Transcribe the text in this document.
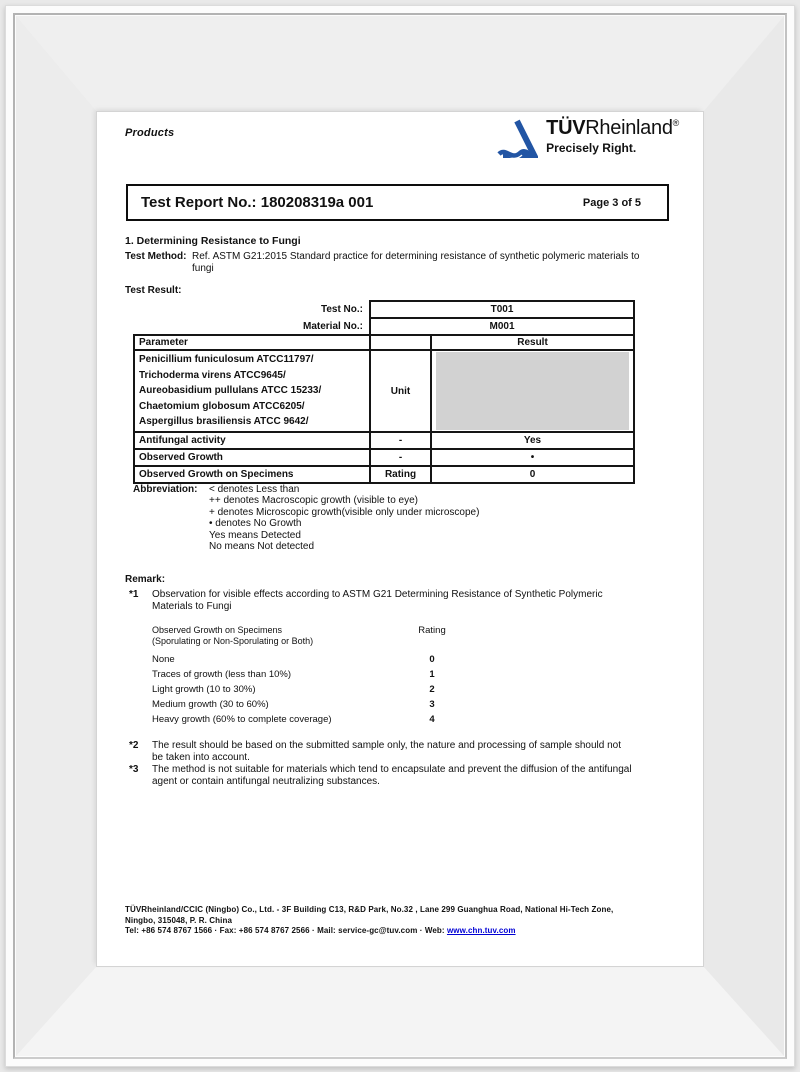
Products	TÜVRheinland®
Precisely Right.
Test Report No.: 180208319a 001	Page 3 of 5
1. Determining Resistance to Fungi
Test Method: Ref. ASTM G21:2015 Standard practice for determining resistance of synthetic polymeric materials to fungi
Test Result:
Test No.:	T001	
Material No.:	M001	
Parameter		Result

Penicillium funiculosum ATCC11797/
Trichoderma virens ATCC9645/
Aureobasidium pullulans ATCC 15233/
Chaetomium globosum ATCC6205/
Aspergillus brasiliensis ATCC 9642/	Unit	

Antifungal activity	-	Yes
Observed Growth	-	•
Observed Growth on Specimens	Rating	0
Abbreviation:	< denotes Less than
++ denotes Macroscopic growth (visible to eye)
+ denotes Microscopic growth(visible only under microscope)
• denotes No Growth
Yes means Detected
No means Not detected
Remark:
*1	Observation for visible effects according to ASTM G21 Determining Resistance of Synthetic Polymeric Materials to Fungi
Observed Growth on Specimens
(Sporulating or Non-Sporulating or Both)
Rating
None	0
Traces of growth (less than 10%)	1
Light growth (10 to 30%)	2
Medium growth (30 to 60%)	3
Heavy growth (60% to complete coverage)	4
*2	The result should be based on the submitted sample only, the nature and processing of sample should not be taken into account.
*3	The method is not suitable for materials which tend to encapsulate and prevent the diffusion of the antifungal agent or contain antifungal neutralizing substances.
TÜVRheinland/CCIC (Ningbo) Co., Ltd. - 3F Building C13, R&D Park, No.32 , Lane 299 Guanghua Road, National Hi-Tech Zone,
Ningbo, 315048, P. R. China
Tel: +86 574 8767 1566 · Fax: +86 574 8767 2566 · Mail: service-gc@tuv.com · Web: www.chn.tuv.com
